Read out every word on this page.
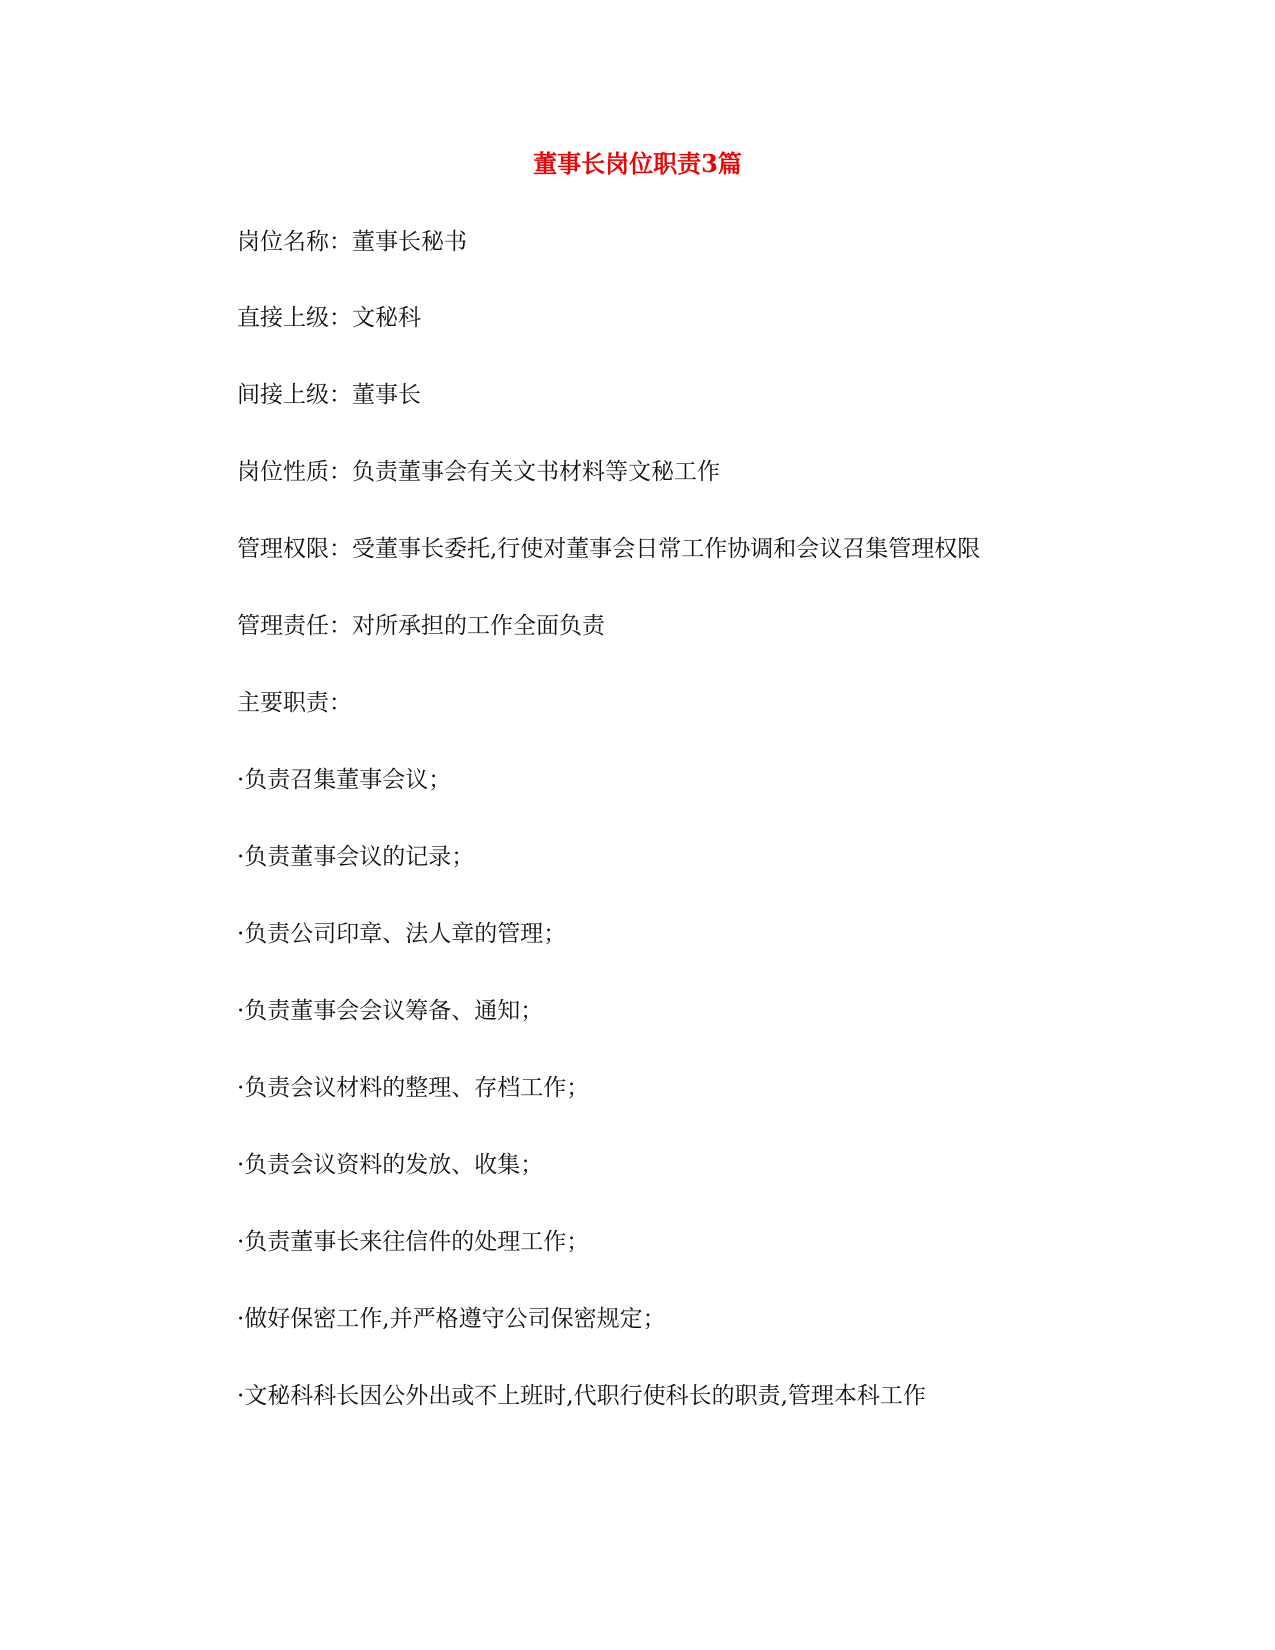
董事长岗位职责3篇

岗位名称：董事长秘书

直接上级：文秘科

间接上级：董事长

岗位性质：负责董事会有关文书材料等文秘工作

管理权限：受董事长委托,行使对董事会日常工作协调和会议召集管理权限

管理责任：对所承担的工作全面负责

主要职责：

·负责召集董事会议；

·负责董事会议的记录；

·负责公司印章、法人章的管理；

·负责董事会会议筹备、通知；

·负责会议材料的整理、存档工作；

·负责会议资料的发放、收集；

·负责董事长来往信件的处理工作；

·做好保密工作,并严格遵守公司保密规定；

·文秘科科长因公外出或不上班时,代职行使科长的职责,管理本科工作
